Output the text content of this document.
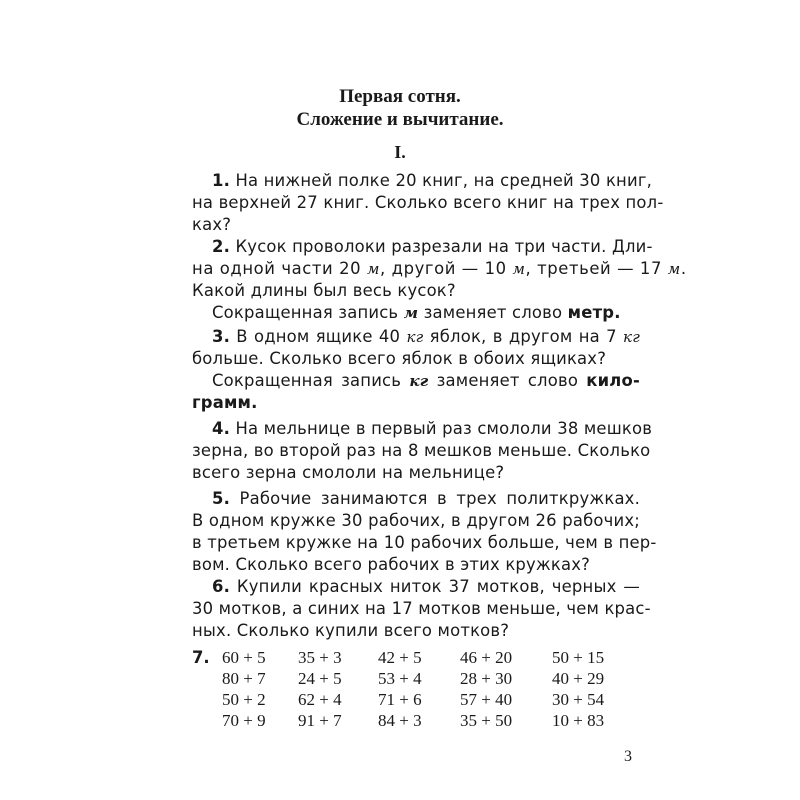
Первая сотня.
Сложение и вычитание.
I.
1. На нижней полке 20 книг, на средней 30 книг,
на верхней 27 книг. Сколько всего книг на трех пол-
ках?
2. Кусок проволоки разрезали на три части. Дли-
на одной части 20 м, другой — 10 м, третьей — 17 м.
Какой длины был весь кусок?
Сокращенная запись м заменяет слово метр.
3. В одном ящике 40 кг яблок, в другом на 7 кг
больше. Сколько всего яблок в обоих ящиках?
Сокращенная запись кг заменяет слово кило-
грамм.
4. На мельнице в первый раз смололи 38 мешков
зерна, во второй раз на 8 мешков меньше. Сколько
всего зерна смололи на мельнице?
5. Рабочие занимаются в трех политкружках.
В одном кружке 30 рабочих, в другом 26 рабочих;
в третьем кружке на 10 рабочих больше, чем в пер-
вом. Сколько всего рабочих в этих кружках?
6. Купили красных ниток 37 мотков, черных —
30 мотков, а синих на 17 мотков меньше, чем крас-
ных. Сколько купили всего мотков?
7. 60 + 5 35 + 3 42 + 5 46 + 20 50 + 15
80 + 7 24 + 5 53 + 4 28 + 30 40 + 29
50 + 2 62 + 4 71 + 6 57 + 40 30 + 54
70 + 9 91 + 7 84 + 3 35 + 50 10 + 83
3
